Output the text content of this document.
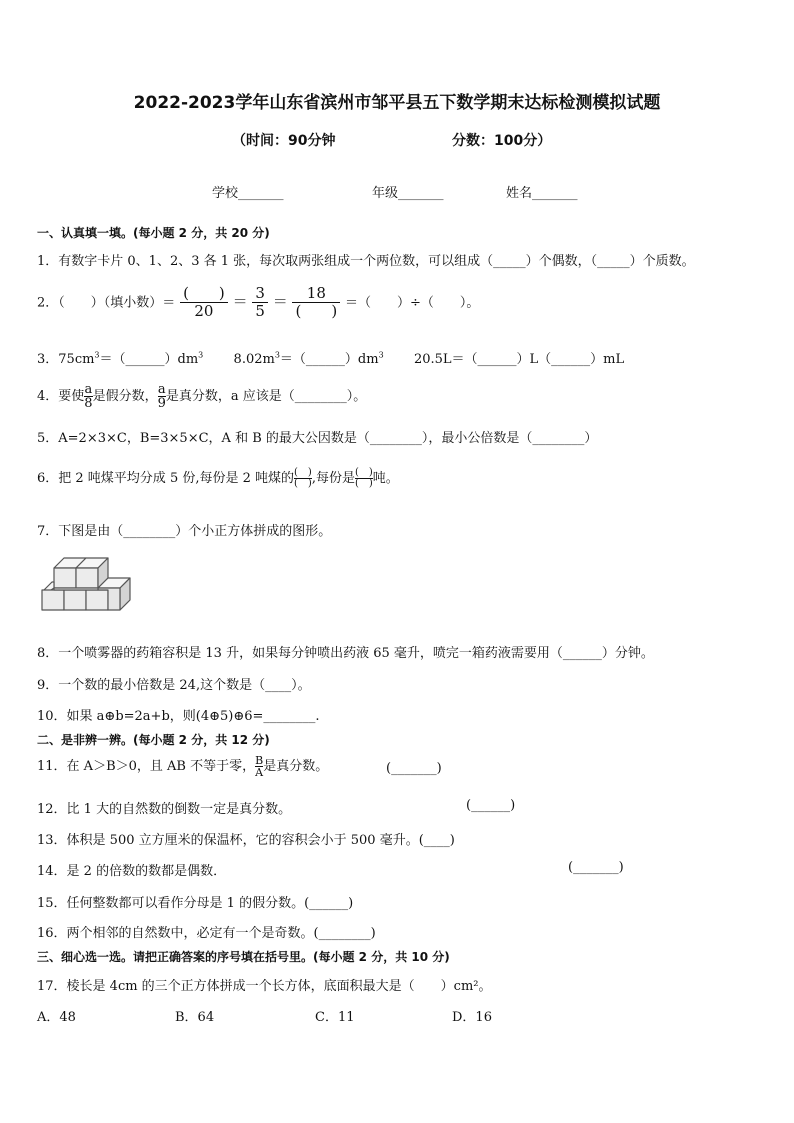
2022-2023学年山东省滨州市邹平县五下数学期末达标检测模拟试题
（时间：90分钟	分数：100分）
学校_______	年级_______	姓名_______
一、认真填一填。(每小题 2 分，共 20 分)
1．有数字卡片 0、1、2、3 各 1 张，每次取两张组成一个两位数，可以组成（_____）个偶数，（_____）个质数。
2．（　　）（填小数）＝ $\frac{( )}{20} = \frac{3}{5} = \frac{18}{( )}$ ＝（　　）÷（　　）。
3．$75cm^3=(\_\_\_\_\_\_)dm^3$ $8.02m^3=(\_\_\_\_\_\_)dm^3$ 20.5L＝（______）L（______）mL
4．要使 $\frac{a}{8}$ 是假分数， $\frac{a}{9}$ 是真分数，a 应该是（________）。
5．A=2×3×C，B=3×5×C，A 和 B 的最大公因数是（________），最小公倍数是（________）
6．把 2 吨煤平均分成 5 份,每份是 2 吨煤的 $\frac{( )}{( )}$ ,每份是 $\frac{( )}{( )}$ 吨。
7．下图是由（________）个小正方体拼成的图形。
8．一个喷雾器的药箱容积是 13 升，如果每分钟喷出药液 65 毫升，喷完一箱药液需要用（______）分钟。
9．一个数的最小倍数是 24,这个数是（____）。
10．如果 a⊕b=2a+b，则(4⊕5)⊕6=________.
二、是非辨一辨。(每小题 2 分，共 12 分)
11．在 A＞B＞0，且 AB 不等于零， $\frac{B}{A}$ 是真分数。	(_______)
12．比 1 大的自然数的倒数一定是真分数。	(______)
13．体积是 500 立方厘米的保温杯，它的容积会小于 500 毫升。(____)
14．是 2 的倍数的数都是偶数．	(_______)
15．任何整数都可以看作分母是 1 的假分数。(______)
16．两个相邻的自然数中，必定有一个是奇数。(________)
三、细心选一选。请把正确答案的序号填在括号里。(每小题 2 分，共 10 分)
17．棱长是 4cm 的三个正方体拼成一个长方体，底面积最大是（　　）cm²。
A．48	B．64	C．11	D．16
